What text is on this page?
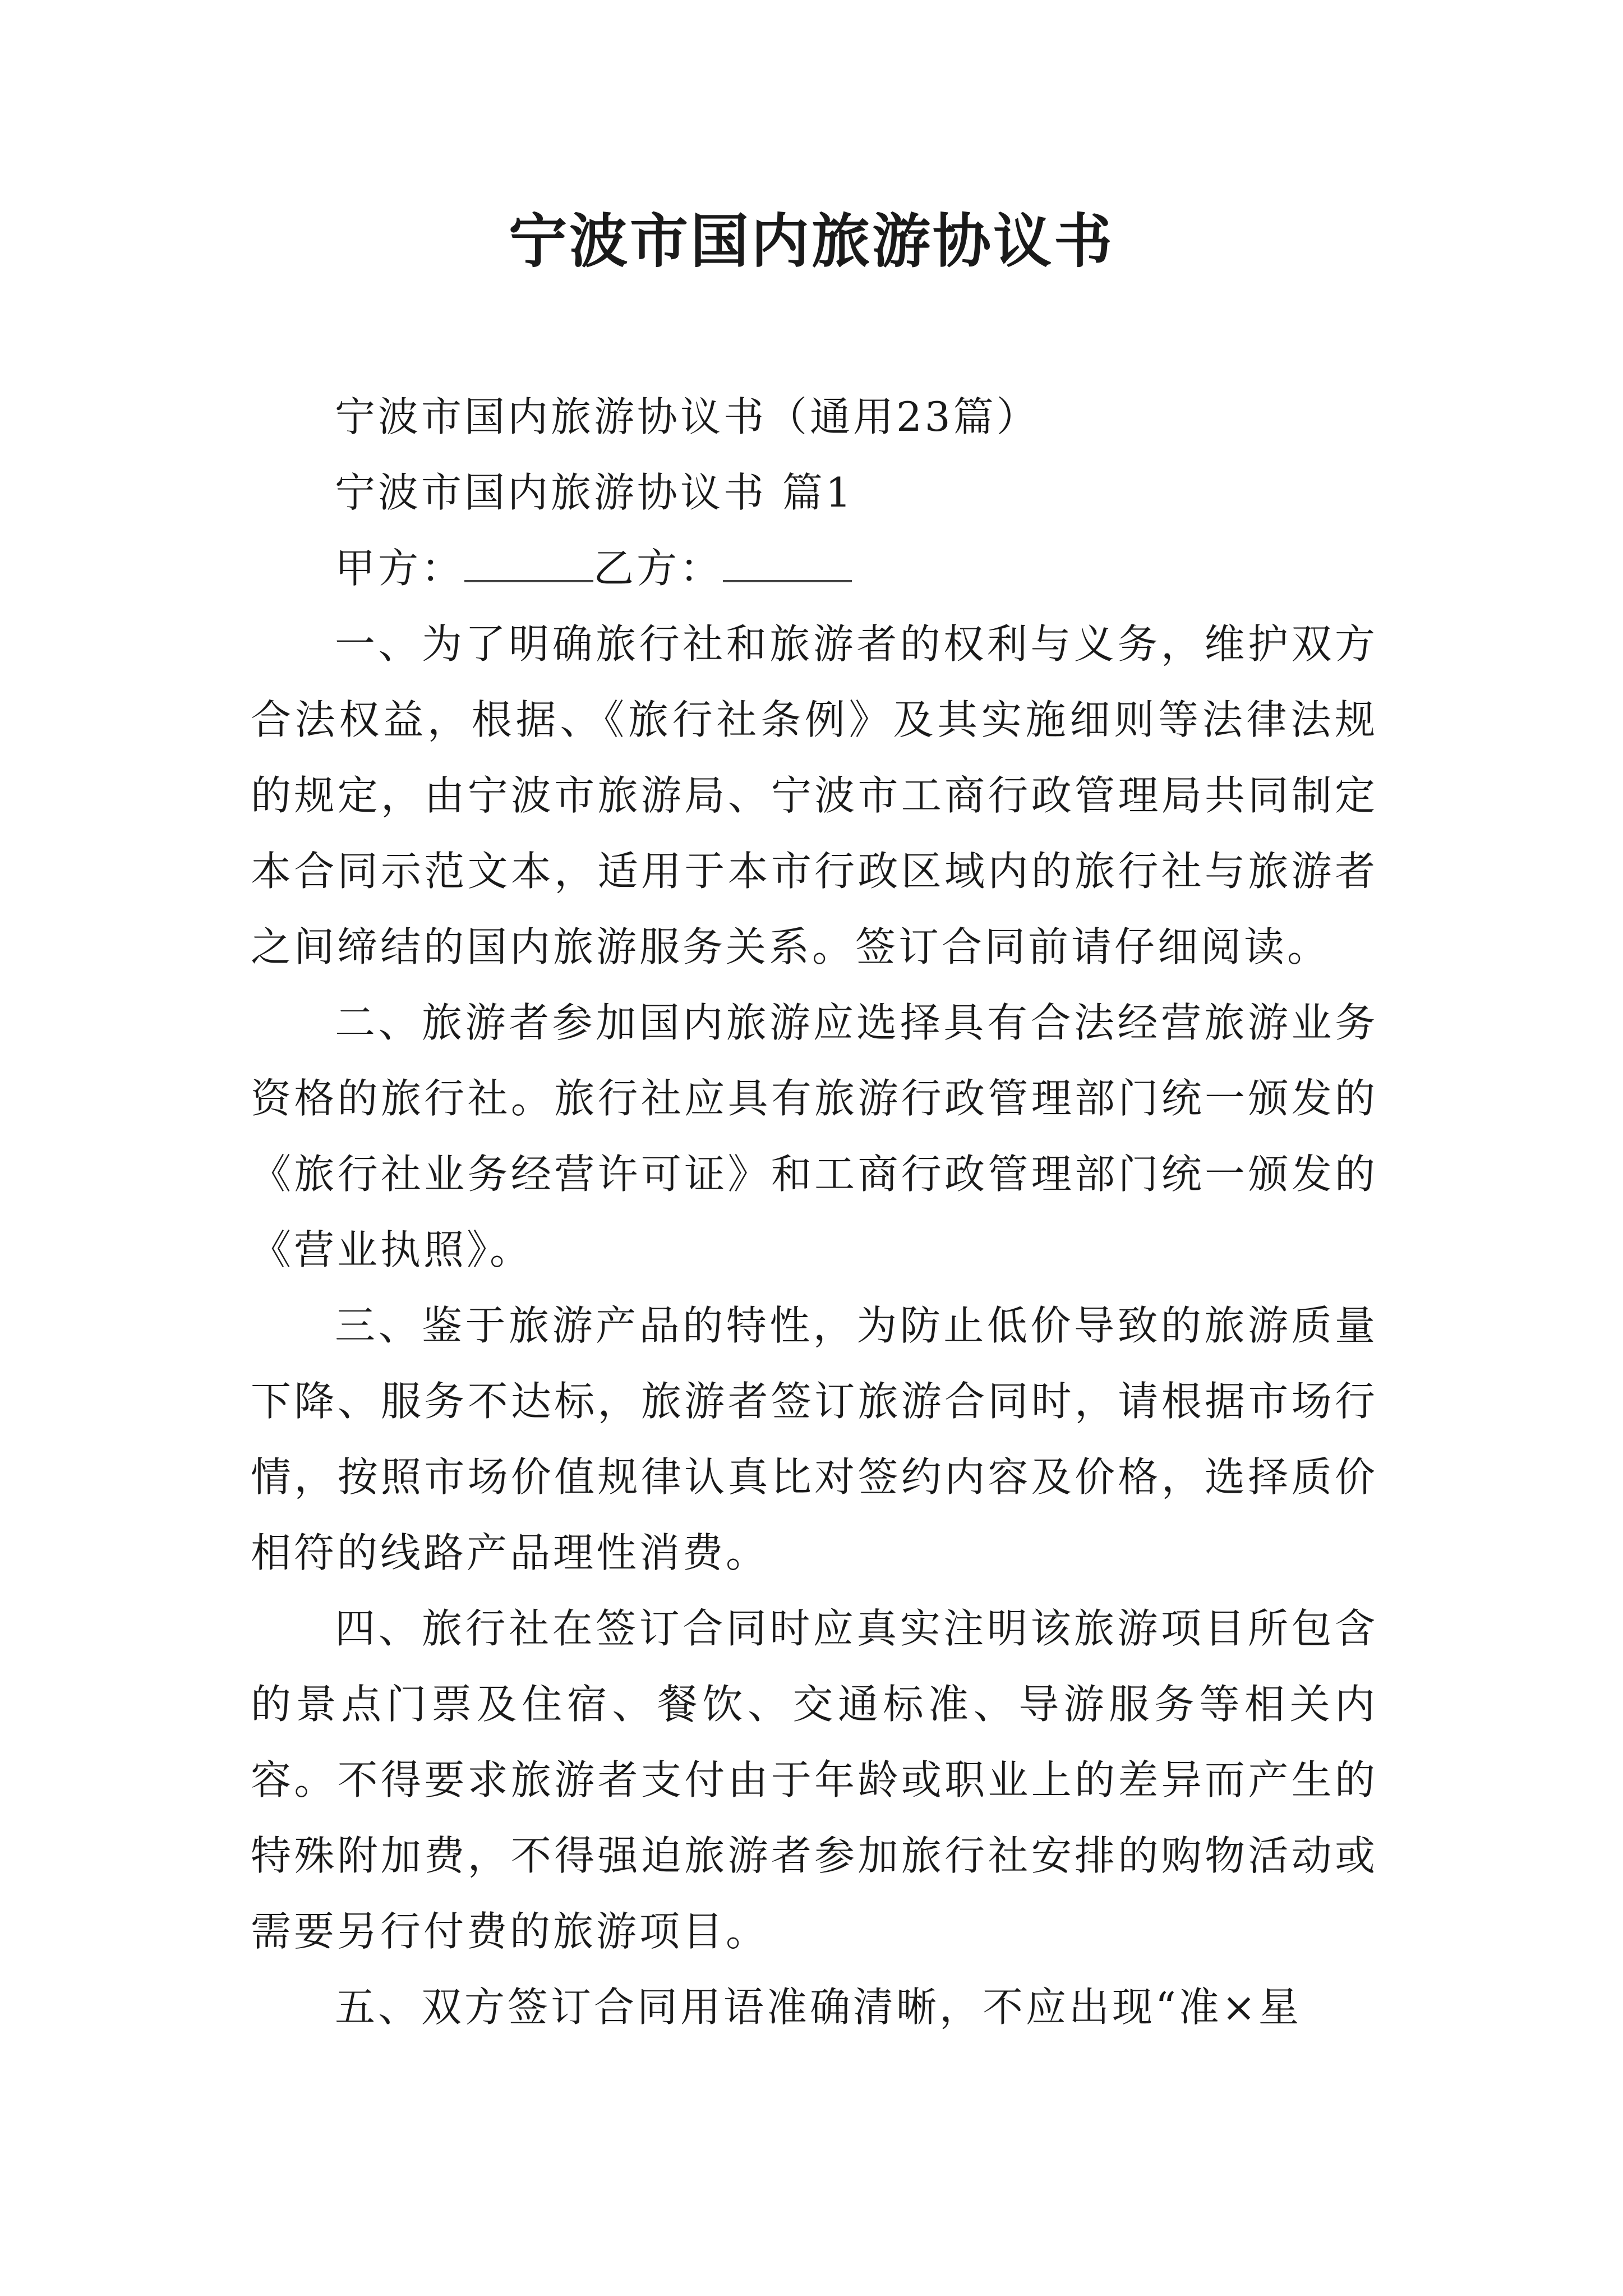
宁波市国内旅游协议书

宁波市国内旅游协议书（通用23篇）

宁波市国内旅游协议书 篇1

甲方：	乙方：

一、为了明确旅行社和旅游者的权利与义务，维护双方合法权益，根据、《旅行社条例》及其实施细则等法律法规的规定，由宁波市旅游局、宁波市工商行政管理局共同制定本合同示范文本，适用于本市行政区域内的旅行社与旅游者之间缔结的国内旅游服务关系。签订合同前请仔细阅读。

二、旅游者参加国内旅游应选择具有合法经营旅游业务资格的旅行社。旅行社应具有旅游行政管理部门统一颁发的《旅行社业务经营许可证》和工商行政管理部门统一颁发的《营业执照》。

三、鉴于旅游产品的特性，为防止低价导致的旅游质量下降、服务不达标，旅游者签订旅游合同时，请根据市场行情，按照市场价值规律认真比对签约内容及价格，选择质价相符的线路产品理性消费。

四、旅行社在签订合同时应真实注明该旅游项目所包含的景点门票及住宿、餐饮、交通标准、导游服务等相关内容。不得要求旅游者支付由于年龄或职业上的差异而产生的特殊附加费，不得强迫旅游者参加旅行社安排的购物活动或需要另行付费的旅游项目。

五、双方签订合同用语准确清晰，不应出现“准×星
